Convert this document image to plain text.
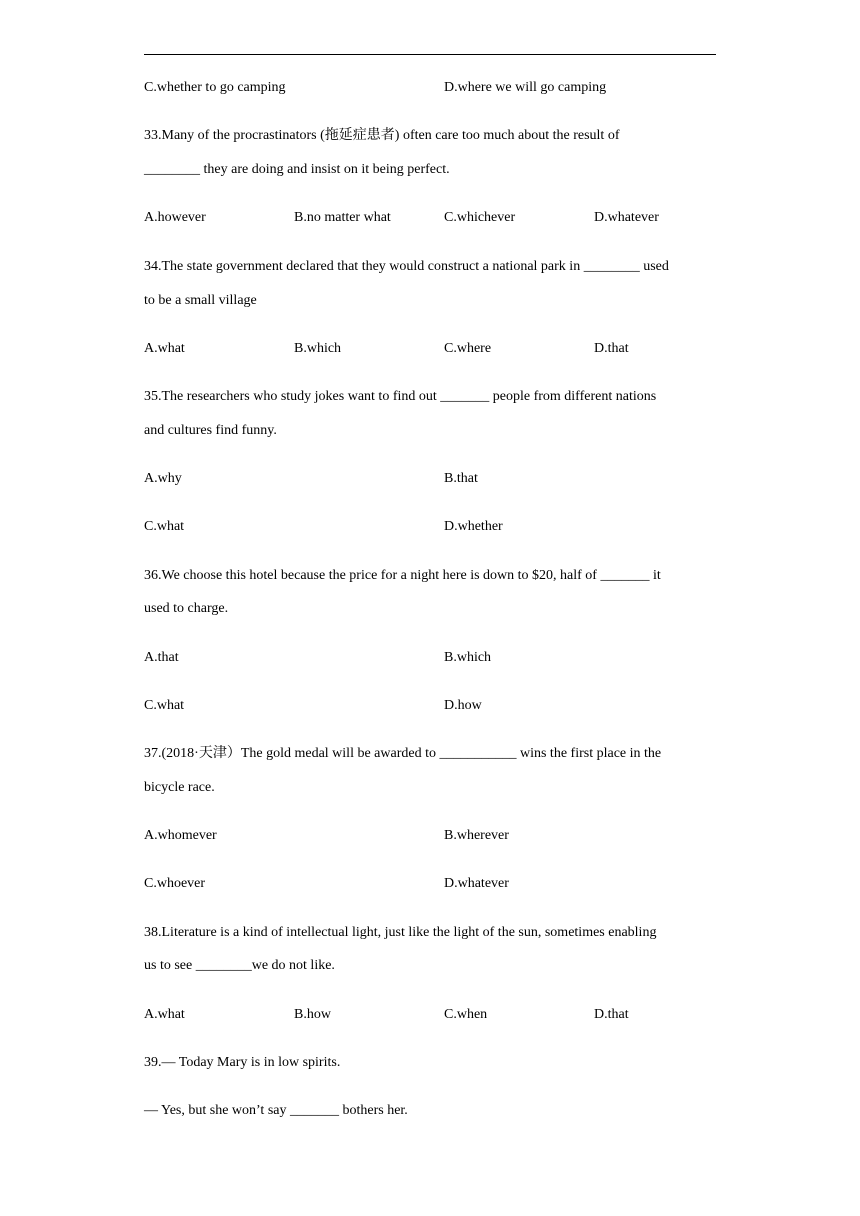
C.whether to go camping	D.where we will go camping
33.Many of the procrastinators (拖延症患者) often care too much about the result of
________ they are doing and insist on it being perfect.
A.however	B.no matter what	C.whichever	D.whatever
34.The state government declared that they would construct a national park in ________ used
to be a small village
A.what	B.which	C.where	D.that
35.The researchers who study jokes want to find out _______ people from different nations
and cultures find funny.
A.why	B.that
C.what	D.whether
36.We choose this hotel because the price for a night here is down to $20, half of _______ it
used to charge.
A.that	B.which
C.what	D.how
37.(2018·天津）The gold medal will be awarded to ___________ wins the first place in the
bicycle race.
A.whomever	B.wherever
C.whoever	D.whatever
38.Literature is a kind of intellectual light, just like the light of the sun, sometimes enabling
us to see ________we do not like.
A.what	B.how	C.when	D.that
39.— Today Mary is in low spirits.
— Yes, but she won’t say _______ bothers her.
